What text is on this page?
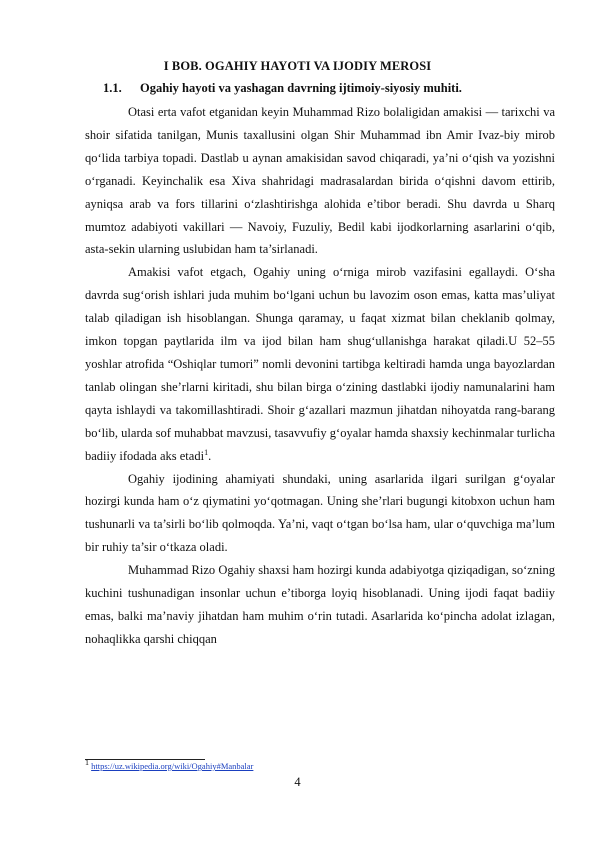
I BOB. OGAHIY HAYOTI VA IJODIY MEROSI
1.1. Ogahiy hayoti va yashagan davrning ijtimoiy-siyosiy muhiti.

Otasi erta vafot etganidan keyin Muhammad Rizo bolaligidan amakisi — tarixchi va shoir sifatida tanilgan, Munis taxallusini olgan Shir Muhammad ibn Amir Ivaz-biy mirob qo‘lida tarbiya topadi. Dastlab u aynan amakisidan savod chiqaradi, ya’ni o‘qish va yozishni o‘rganadi. Keyinchalik esa Xiva shahridagi madrasalardan birida o‘qishni davom ettirib, ayniqsa arab va fors tillarini o‘zlashtirishga alohida e’tibor beradi. Shu davrda u Sharq mumtoz adabiyoti vakillari — Navoiy, Fuzuliy, Bedil kabi ijodkorlarning asarlarini o‘qib, asta-sekin ularning uslubidan ham ta’sirlanadi.

Amakisi vafot etgach, Ogahiy uning o‘rniga mirob vazifasini egallaydi. O‘sha davrda sug‘orish ishlari juda muhim bo‘lgani uchun bu lavozim oson emas, katta mas’uliyat talab qiladigan ish hisoblangan. Shunga qaramay, u faqat xizmat bilan cheklanib qolmay, imkon topgan paytlarida ilm va ijod bilan ham shug‘ullanishga harakat qiladi.U 52–55 yoshlar atrofida “Oshiqlar tumori” nomli devonini tartibga keltiradi hamda unga bayozlardan tanlab olingan she’rlarni kiritadi, shu bilan birga o‘zining dastlabki ijodiy namunalarini ham qayta ishlaydi va takomillashtiradi. Shoir g‘azallari mazmun jihatdan nihoyatda rang-barang bo‘lib, ularda sof muhabbat mavzusi, tasavvufiy g‘oyalar hamda shaxsiy kechinmalar turlicha badiiy ifodada aks etadi$^1$.

Ogahiy ijodining ahamiyati shundaki, uning asarlarida ilgari surilgan g‘oyalar hozirgi kunda ham o‘z qiymatini yo‘qotmagan. Uning she’rlari bugungi kitobxon uchun ham tushunarli va ta’sirli bo‘lib qolmoqda. Ya’ni, vaqt o‘tgan bo‘lsa ham, ular o‘quvchiga ma’lum bir ruhiy ta’sir o‘tkaza oladi.

Muhammad Rizo Ogahiy shaxsi ham hozirgi kunda adabiyotga qiziqadigan, so‘zning kuchini tushunadigan insonlar uchun e’tiborga loyiq hisoblanadi. Uning ijodi faqat badiiy emas, balki ma’naviy jihatdan ham muhim o‘rin tutadi. Asarlarida ko‘pincha adolat izlagan, nohaqlikka qarshi chiqqan

$^1$ https://uz.wikipedia.org/wiki/Ogahiy#Manbalar
4
